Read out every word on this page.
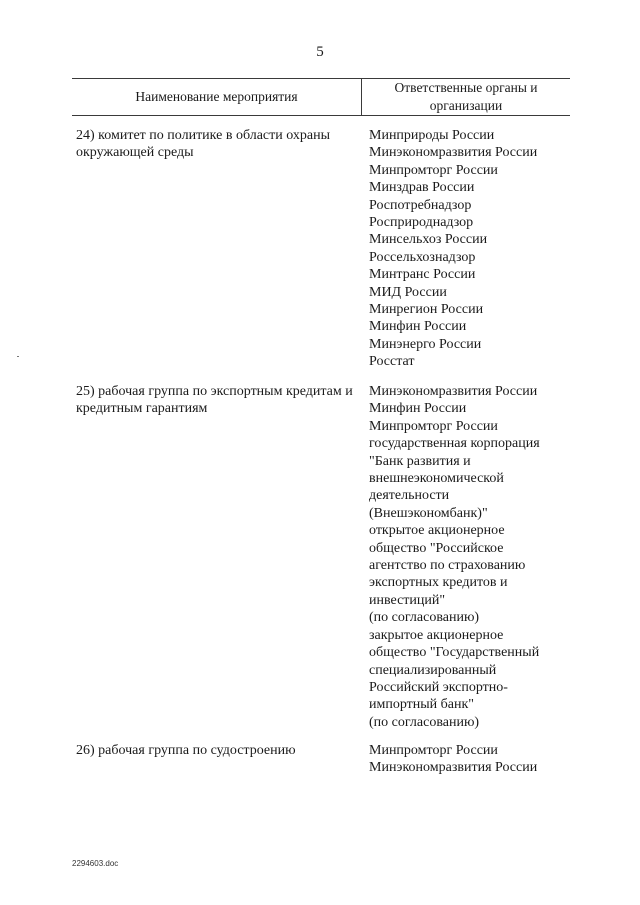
5
Наименование мероприятия
Ответственные органы и
организации
24) комитет по политике в области охраны окружающей среды
Минприроды России
Минэкономразвития России
Минпромторг России
Минздрав России
Роспотребнадзор
Росприроднадзор
Минсельхоз России
Россельхознадзор
Минтранс России
МИД России
Минрегион России
Минфин России
Минэнерго России
Росстат
25) рабочая группа по экспортным кредитам и кредитным гарантиям
Минэкономразвития России
Минфин России
Минпромторг России
государственная корпорация
"Банк развития и
внешнеэкономической
деятельности
(Внешэкономбанк)"
открытое акционерное
общество "Российское
агентство по страхованию
экспортных кредитов и
инвестиций"
(по согласованию)
закрытое акционерное
общество "Государственный
специализированный
Российский экспортно-
импортный банк"
(по согласованию)
26) рабочая группа по судостроению	Минпромторг России
Минэкономразвития России
2294603.doc
